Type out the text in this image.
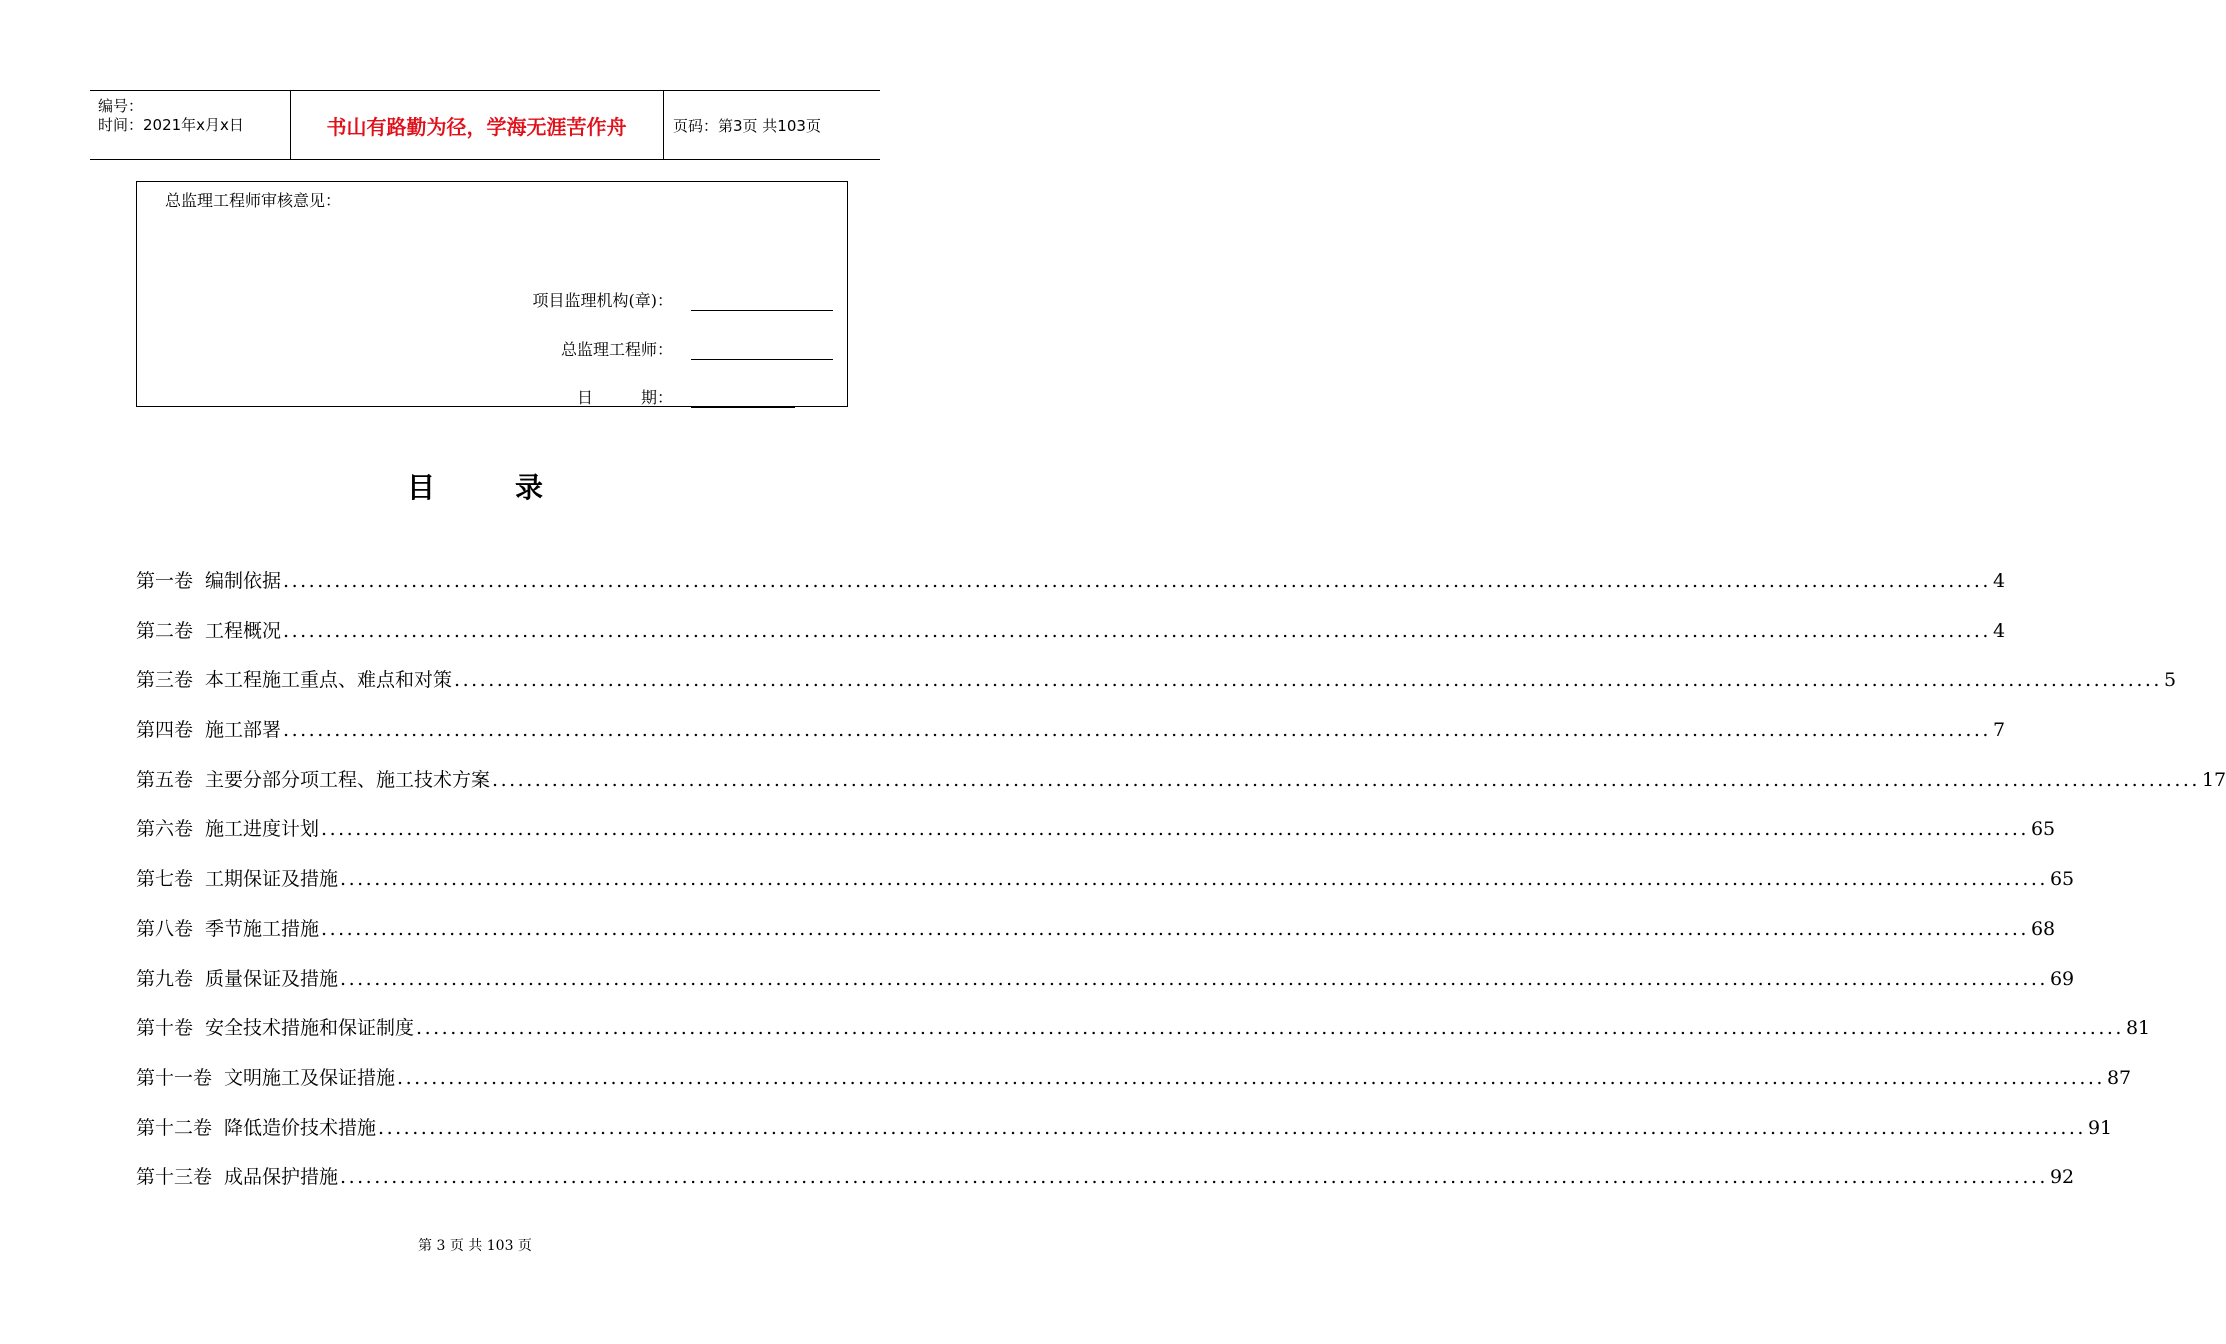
编号：
时间：2021年x月x日	书山有路勤为径，学海无涯苦作舟	页码：第3页 共103页
总监理工程师审核意见：
项目监理机构(章)：
总监理工程师：
日　　　期：
目	录
第一卷 编制依据 ........................................................................................................................................................................................................ 4
第二卷 工程概况 ........................................................................................................................................................................................................ 4
第三卷 本工程施工重点、难点和对策 ........................................................................................................................................................................................................ 5
第四卷 施工部署 ........................................................................................................................................................................................................ 7
第五卷 主要分部分项工程、施工技术方案 ........................................................................................................................................................................................................ 17
第六卷 施工进度计划 ........................................................................................................................................................................................................ 65
第七卷 工期保证及措施 ........................................................................................................................................................................................................ 65
第八卷 季节施工措施 ........................................................................................................................................................................................................ 68
第九卷 质量保证及措施 ........................................................................................................................................................................................................ 69
第十卷 安全技术措施和保证制度 ........................................................................................................................................................................................................ 81
第十一卷 文明施工及保证措施 ........................................................................................................................................................................................................ 87
第十二卷 降低造价技术措施 ........................................................................................................................................................................................................ 91
第十三卷 成品保护措施 ........................................................................................................................................................................................................ 92
第 3 页 共 103 页
